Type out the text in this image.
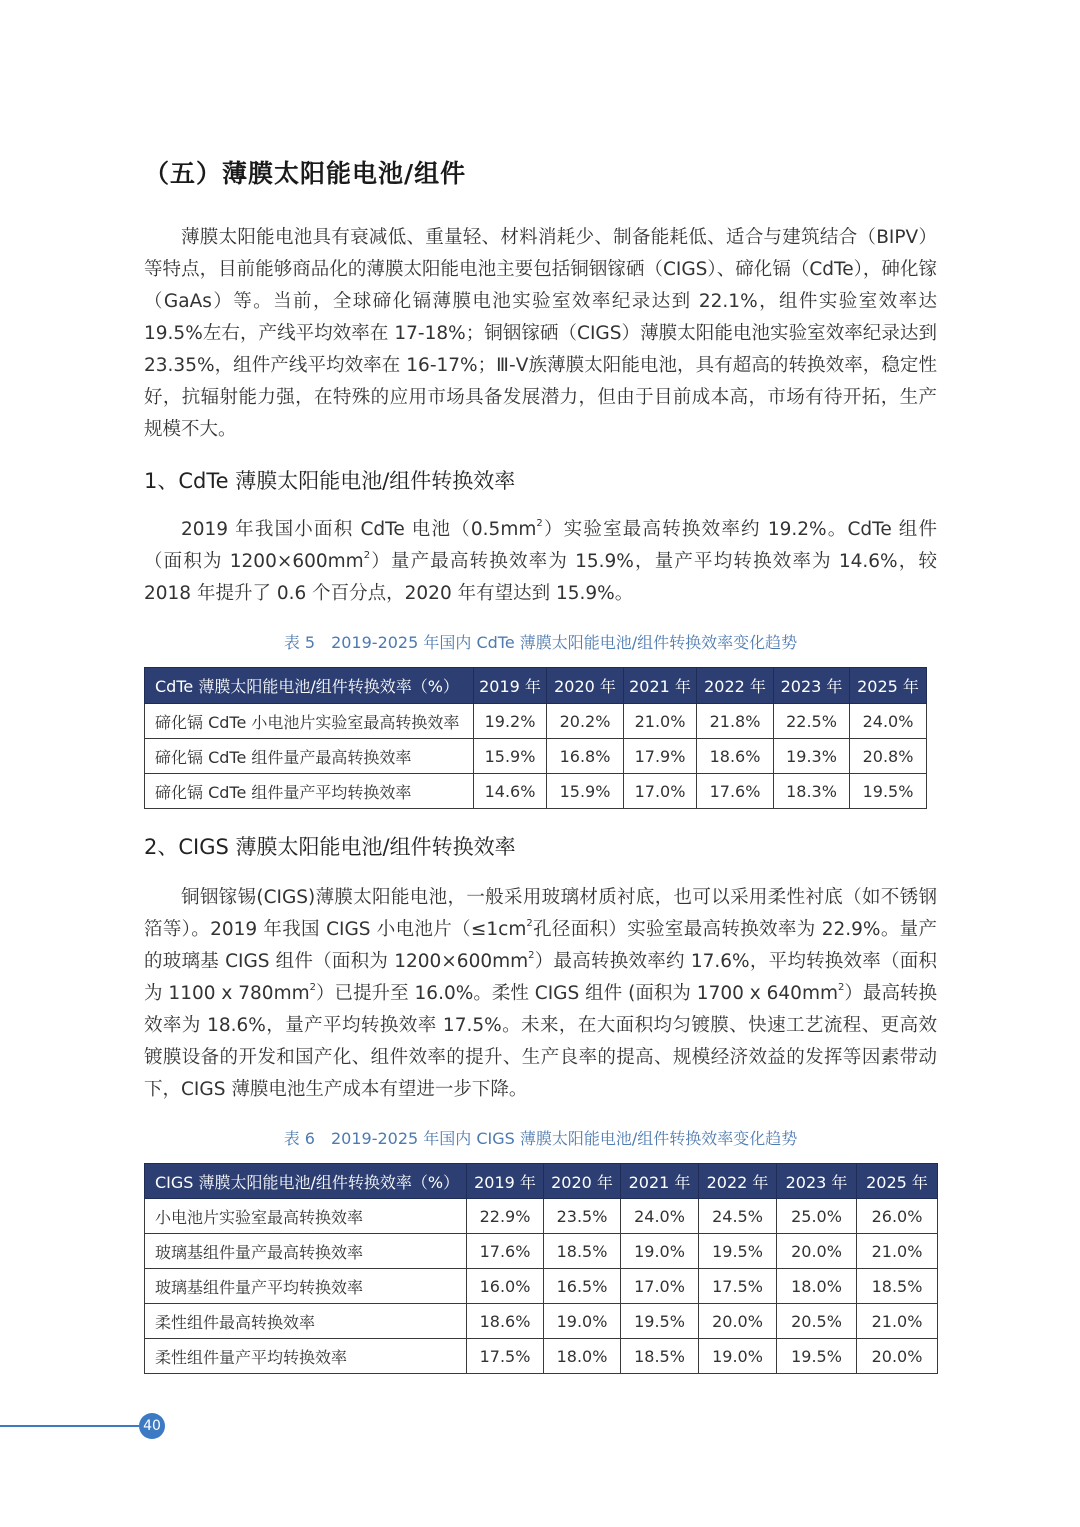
（五）薄膜太阳能电池/组件

薄膜太阳能电池具有衰减低、重量轻、材料消耗少、制备能耗低、适合与建筑结合（BIPV）等特点，目前能够商品化的薄膜太阳能电池主要包括铜铟镓硒（CIGS）、碲化镉（CdTe），砷化镓（GaAs）等。当前，全球碲化镉薄膜电池实验室效率纪录达到 22.1%，组件实验室效率达 19.5%左右，产线平均效率在 17-18%；铜铟镓硒（CIGS）薄膜太阳能电池实验室效率纪录达到 23.35%，组件产线平均效率在 16-17%；Ⅲ-Ⅴ族薄膜太阳能电池，具有超高的转换效率，稳定性好，抗辐射能力强，在特殊的应用市场具备发展潜力，但由于目前成本高，市场有待开拓，生产规模不大。

1、CdTe 薄膜太阳能电池/组件转换效率

2019 年我国小面积 CdTe 电池$(0.5mm^2)$实验室最高转换效率约 19.2%。CdTe 组件（面积为 $1200\times 600mm^2$）量产最高转换效率为 15.9%，量产平均转换效率为 14.6%，较 2018 年提升了 0.6 个百分点，2020 年有望达到 15.9%。

表 5　2019-2025 年国内 CdTe 薄膜太阳能电池/组件转换效率变化趋势
CdTe 薄膜太阳能电池/组件转换效率（%）	2019 年	2020 年	2021 年	2022 年	2023 年	2025 年
碲化镉 CdTe 小电池片实验室最高转换效率	19.2%	20.2%	21.0%	21.8%	22.5%	24.0%
碲化镉 CdTe 组件量产最高转换效率	15.9%	16.8%	17.9%	18.6%	19.3%	20.8%
碲化镉 CdTe 组件量产平均转换效率	14.6%	15.9%	17.0%	17.6%	18.3%	19.5%
2、CIGS 薄膜太阳能电池/组件转换效率

铜铟镓锡(CIGS)薄膜太阳能电池，一般采用玻璃材质衬底，也可以采用柔性衬底（如不锈钢箔等）。2019 年我国 CIGS 小电池片（$\le 1cm^2$孔径面积）实验室最高转换效率为 22.9%。量产的玻璃基 CIGS 组件（面积为 $1200\times 600mm^2$）最高转换效率约 17.6%，平均转换效率（面积为 1100 x $780mm^2$）已提升至 16.0%。柔性 CIGS 组件 (面积为 1700 x $640mm^2$）最高转换效率为 18.6%，量产平均转换效率 17.5%。未来，在大面积均匀镀膜、快速工艺流程、更高效镀膜设备的开发和国产化、组件效率的提升、生产良率的提高、规模经济效益的发挥等因素带动下，CIGS 薄膜电池生产成本有望进一步下降。

表 6　2019-2025 年国内 CIGS 薄膜太阳能电池/组件转换效率变化趋势
CIGS 薄膜太阳能电池/组件转换效率（%）	2019 年	2020 年	2021 年	2022 年	2023 年	2025 年
小电池片实验室最高转换效率	22.9%	23.5%	24.0%	24.5%	25.0%	26.0%
玻璃基组件量产最高转换效率	17.6%	18.5%	19.0%	19.5%	20.0%	21.0%
玻璃基组件量产平均转换效率	16.0%	16.5%	17.0%	17.5%	18.0%	18.5%
柔性组件最高转换效率	18.6%	19.0%	19.5%	20.0%	20.5%	21.0%
柔性组件量产平均转换效率	17.5%	18.0%	18.5%	19.0%	19.5%	20.0%
40
